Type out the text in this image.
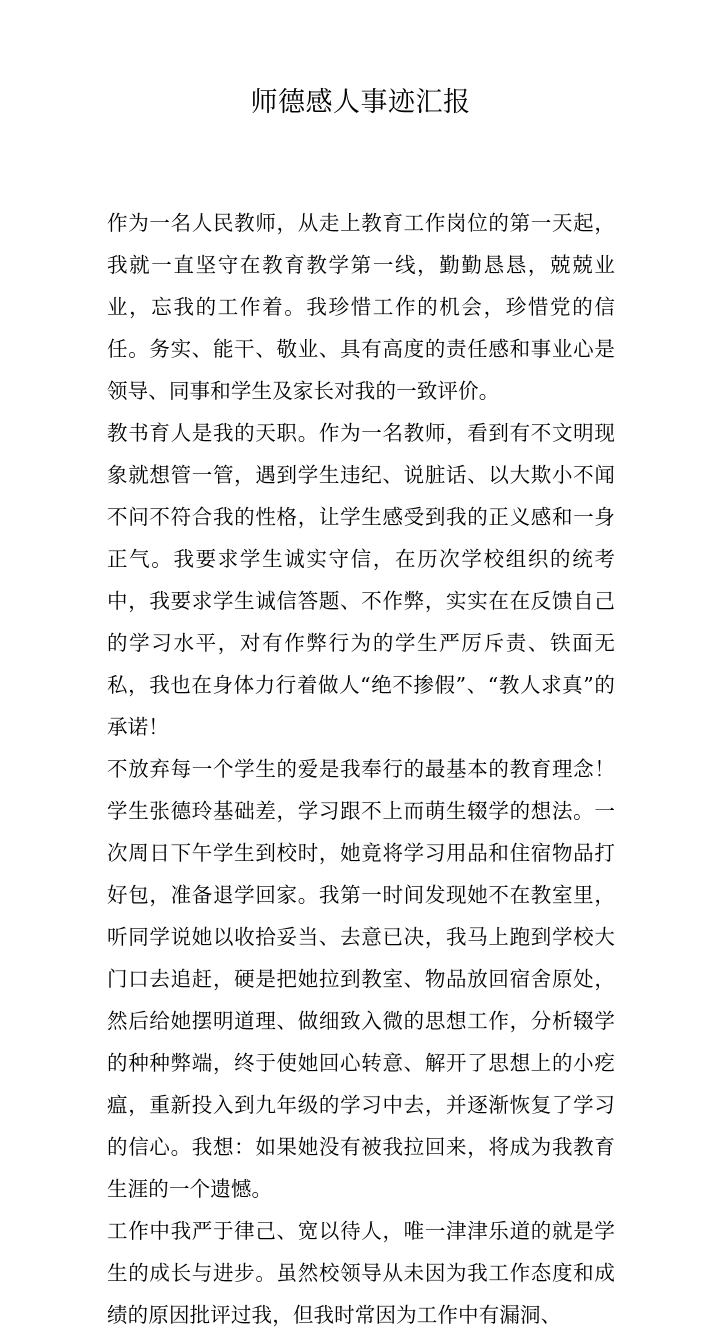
师德感人事迹汇报

作为一名人民教师，从走上教育工作岗位的第一天起，我就一直坚守在教育教学第一线，勤勤恳恳，兢兢业业，忘我的工作着。我珍惜工作的机会，珍惜党的信任。务实、能干、敬业、具有高度的责任感和事业心是领导、同事和学生及家长对我的一致评价。

教书育人是我的天职。作为一名教师，看到有不文明现象就想管一管，遇到学生违纪、说脏话、以大欺小不闻不问不符合我的性格，让学生感受到我的正义感和一身正气。我要求学生诚实守信，在历次学校组织的统考中，我要求学生诚信答题、不作弊，实实在在反馈自己的学习水平，对有作弊行为的学生严厉斥责、铁面无私，我也在身体力行着做人“绝不掺假”、“教人求真”的承诺！

不放弃每一个学生的爱是我奉行的最基本的教育理念！学生张德玲基础差，学习跟不上而萌生辍学的想法。一次周日下午学生到校时，她竟将学习用品和住宿物品打好包，准备退学回家。我第一时间发现她不在教室里，听同学说她以收拾妥当、去意已决，我马上跑到学校大门口去追赶，硬是把她拉到教室、物品放回宿舍原处，然后给她摆明道理、做细致入微的思想工作，分析辍学的种种弊端，终于使她回心转意、解开了思想上的小疙瘟，重新投入到九年级的学习中去，并逐渐恢复了学习的信心。我想：如果她没有被我拉回来，将成为我教育生涯的一个遗憾。

工作中我严于律己、宽以待人，唯一津津乐道的就是学生的成长与进步。虽然校领导从未因为我工作态度和成绩的原因批评过我，但我时常因为工作中有漏洞、
